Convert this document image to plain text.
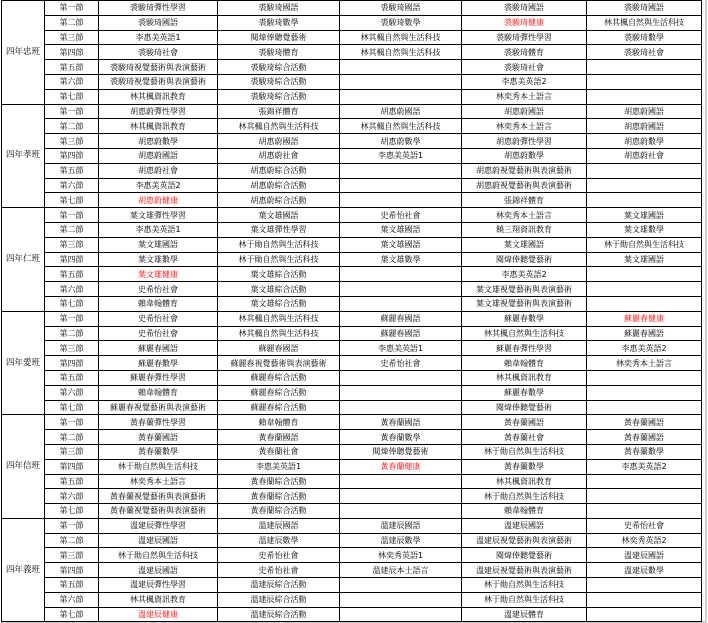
四年忠班	第一節	裘駿琦彈性學習	裘駿琦國語	裘駿琦國語	裘駿琦國語	裘駿琦國語
	第二節	裘駿琦國語	裘駿琦數學	裘駿琦數學	裘駿琦健康	林其楓自然與生活科技
	第三節	李惠美英語1	閱煒俸聽覺藝術	林其楓自然與生活科技	裘駿琦彈性學習	裘駿琦數學
	第四節	裘駿琦社會	裘駿琦體育	林其楓自然與生活科技	裘駿琦體育	裘駿琦社會
	第五節	裘駿琦視覺藝術與表演藝術	裘駿琦綜合活動		裘駿琦社會	
	第六節	裘駿琦視覺藝術與表演藝術	裘駿琦綜合活動		李惠美英語2	
	第七節	林其楓資訊教育	裘駿琦綜合活動		林奕秀本土語言	
四年孝班	第一節	胡惠蔚彈性學習	張錦祥體育	胡惠蔚國語	胡惠蔚國語	胡惠蔚國語
	第二節	林其楓資訊教育	林其楓自然與生活科技	林其楓自然與生活科技	林奕秀本土語言	胡惠蔚國語
	第三節	胡惠蔚數學	胡惠蔚國語	胡惠蔚數學	胡惠蔚彈性學習	胡惠蔚數學
	第四節	胡惠蔚國語	胡惠蔚社會	李惠美英語1	胡惠蔚數學	胡惠蔚社會
	第五節	胡惠蔚社會	胡惠蔚綜合活動		胡惠蔚視覺藝術與表演藝術	
	第六節	李惠美英語2	胡惠蔚綜合活動		胡惠蔚視覺藝術與表演藝術	
	第七節	胡惠蔚健康	胡惠蔚綜合活動		張錦祥體育	
四年仁班	第一節	葉文雄彈性學習	葉文雄國語	史希怡社會	林奕秀本土語言	葉文雄國語
	第二節	李惠美英語1	葉文雄彈性學習	葉文雄國語	饒三翔資訊教育	葉文雄數學
	第三節	葉文雄國語	林于勛自然與生活科技	葉文雄國語	葉文雄國語	林于勛自然與生活科技
	第四節	葉文雄數學	林于勛自然與生活科技	葉文雄數學	閱煒俸聽覺藝術	葉文雄國語
	第五節	葉文雄健康	葉文雄綜合活動		李惠美英語2	
	第六節	史希怡社會	葉文雄綜合活動		葉文雄視覺藝術與表演藝術	
	第七節	賴韋翰體育	葉文雄綜合活動		葉文雄視覺藝術與表演藝術	
四年愛班	第一節	史希怡社會	林其楓自然與生活科技	蘇麗春國語	蘇麗春數學	蘇麗春健康
	第二節	史希怡社會	林其楓自然與生活科技	蘇麗春國語	林其楓自然與生活科技	蘇麗春國語
	第三節	蘇麗春國語	蘇麗春國語	李惠美英語1	蘇麗春彈性學習	李惠美英語2
	第四節	蘇麗春數學	蘇麗春視覺藝術與表演藝術	史希怡社會	賴韋翰體育	林奕秀本土語言
	第五節	蘇麗春彈性學習	蘇麗春綜合活動		林其楓資訊教育	
	第六節	賴韋翰體育	蘇麗春綜合活動		蘇麗春數學	
	第七節	蘇麗春視覺藝術與表演藝術	蘇麗春綜合活動		閱煒俸聽覺藝術	
四年信班	第一節	黃春蘭彈性學習	賴韋翰體育	黃春蘭國語	黃春蘭國語	黃春蘭國語
	第二節	黃春蘭國語	黃春蘭國語	黃春蘭數學	黃春蘭社會	黃春蘭國語
	第三節	黃春蘭數學	黃春蘭社會	閱煒俸聽覺藝術	林于勛自然與生活科技	黃春蘭數學
	第四節	林于勛自然與生活科技	李惠美英語1	黃春蘭健康	黃春蘭數學	李惠美英語2
	第五節	林奕秀本土語言	黃春蘭綜合活動		林其楓資訊教育	
	第六節	黃春蘭視覺藝術與表演藝術	黃春蘭綜合活動		林于勛自然與生活科技	
	第七節	黃春蘭視覺藝術與表演藝術	黃春蘭綜合活動		賴韋翰體育	
四年義班	第一節	溫建辰彈性學習	溫建辰國語	溫建辰國語	溫建辰國語	史希怡社會
	第二節	溫建辰國語	溫建辰數學	溫建辰數學	溫建辰視覺藝術與表演藝術	林奕秀英語2
	第三節	林于勛自然與生活科技	史希怡社會	林奕秀英語1	閱煒俸聽覺藝術	溫建辰國語
	第四節	溫建辰國語	史希怡社會	溫建辰本土語言	溫建辰視覺藝術與表演藝術	溫建辰數學
	第五節	溫建辰彈性學習	溫建辰綜合活動		林于勛自然與生活科技	
	第六節	林其楓資訊教育	溫建辰綜合活動		林于勛自然與生活科技	
	第七節	溫建辰健康	溫建辰綜合活動		溫建辰體育	
